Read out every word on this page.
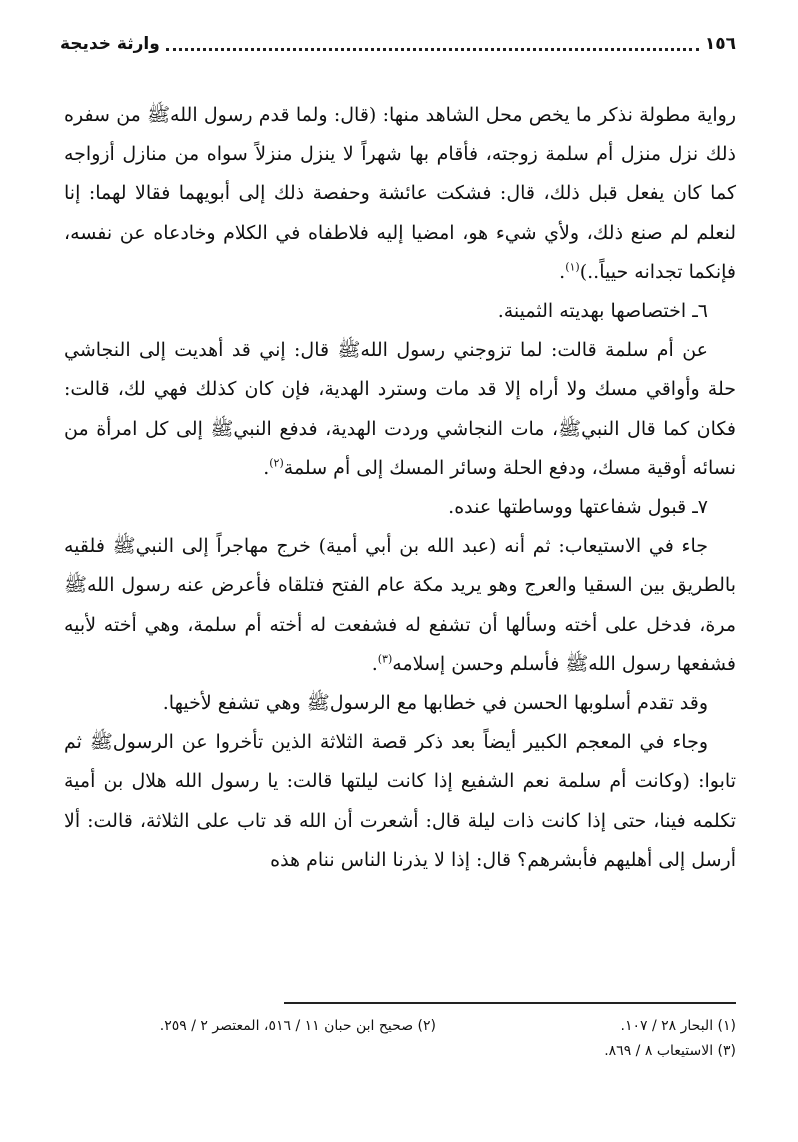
١٥٦
وارثة خديجة

رواية مطولة نذكر ما يخص محل الشاهد منها: (قال: ولما قدم رسول اللهﷺ من سفره ذلك نزل منزل أم سلمة زوجته، فأقام بها شهراً لا ينزل منزلاً سواه من منازل أزواجه كما كان يفعل قبل ذلك، قال: فشكت عائشة وحفصة ذلك إلى أبويهما فقالا لهما: إنا لنعلم لم صنع ذلك، ولأي شيء هو، امضيا إليه فلاطفاه في الكلام وخادعاه عن نفسه، فإنكما تجدانه حيياً..)$^{(١)}$.

٦ـ اختصاصها بهديته الثمينة.

عن أم سلمة قالت: لما تزوجني رسول اللهﷺ قال: إني قد أهديت إلى النجاشي حلة وأواقي مسك ولا أراه إلا قد مات وسترد الهدية، فإن كان كذلك فهي لك، قالت: فكان كما قال النبيﷺ، مات النجاشي وردت الهدية، فدفع النبيﷺ إلى كل امرأة من نسائه أوقية مسك، ودفع الحلة وسائر المسك إلى أم سلمة$^{(٢)}$.

٧ـ قبول شفاعتها ووساطتها عنده.

جاء في الاستيعاب: ثم أنه (عبد الله بن أبي أمية) خرج مهاجراً إلى النبيﷺ فلقيه بالطريق بين السقيا والعرج وهو يريد مكة عام الفتح فتلقاه فأعرض عنه رسول اللهﷺ مرة، فدخل على أخته وسألها أن تشفع له فشفعت له أخته أم سلمة، وهي أخته لأبيه فشفعها رسول اللهﷺ فأسلم وحسن إسلامه$^{(٣)}$.

وقد تقدم أسلوبها الحسن في خطابها مع الرسولﷺ وهي تشفع لأخيها.

وجاء في المعجم الكبير أيضاً بعد ذكر قصة الثلاثة الذين تأخروا عن الرسولﷺ ثم تابوا: (وكانت أم سلمة نعم الشفيع إذا كانت ليلتها قالت: يا رسول الله هلال بن أمية تكلمه فينا، حتى إذا كانت ذات ليلة قال: أشعرت أن الله قد تاب على الثلاثة، قالت: ألا أرسل إلى أهليهم فأبشرهم؟ قال: إذا لا يذرنا الناس ننام هذه

(١) البحار ٢٨ / ١٠٧.
(٢) صحيح ابن حبان ١١ / ٥١٦، المعتصر ٢ / ٢٥٩.
(٣) الاستيعاب ٨ / ٨٦٩.
